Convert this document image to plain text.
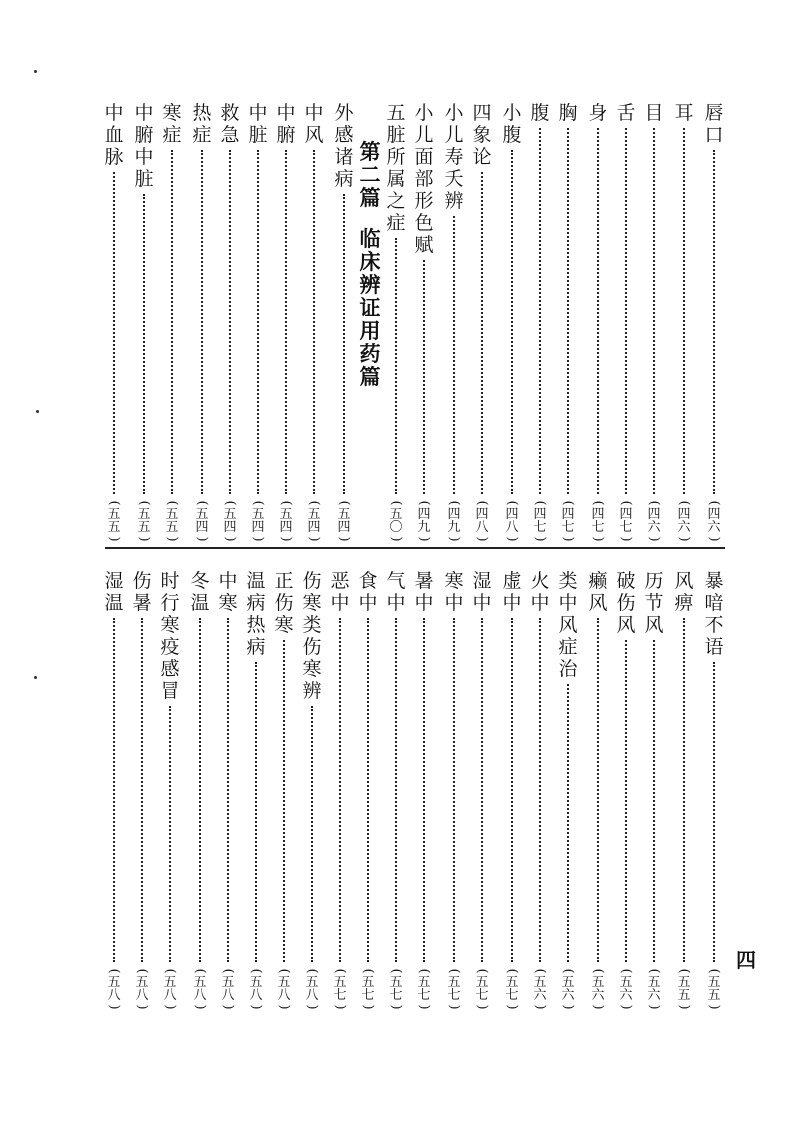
唇
口
(
四
六
)
耳
(
四
六
)
目
(
四
六
)
舌
(
四
七
)
身
(
四
七
)
胸
(
四
七
)
腹
(
四
七
)
小
腹
(
四
八
)
四
象
论
(
四
八
)
小
儿
寿
夭
辨
(
四
九
)
小
儿
面
部
形
色
赋
(
四
九
)
五
脏
所
属
之
症
(
五
〇
)
外
感
诸
病
(
五
四
)
中
风
(
五
四
)
中
腑
(
五
四
)
中
脏
(
五
四
)
救
急
(
五
四
)
热
症
(
五
四
)
寒
症
(
五
五
)
中
腑
中
脏
(
五
五
)
中
血
脉
(
五
五
)
第
二
篇
临
床
辨
证
用
药
篇
暴
喑
不
语
(
五
五
)
风
痹
(
五
五
)
历
节
风
(
五
六
)
破
伤
风
(
五
六
)
癞
风
(
五
六
)
类
中
风
症
治
(
五
六
)
火
中
(
五
六
)
虚
中
(
五
七
)
湿
中
(
五
七
)
寒
中
(
五
七
)
暑
中
(
五
七
)
气
中
(
五
七
)
食
中
(
五
七
)
恶
中
(
五
七
)
伤
寒
类
伤
寒
辨
(
五
八
)
正
伤
寒
(
五
八
)
温
病
热
病
(
五
八
)
中
寒
(
五
八
)
冬
温
(
五
八
)
时
行
寒
疫
感
冒
(
五
八
)
伤
暑
(
五
八
)
湿
温
(
五
八
)
四
